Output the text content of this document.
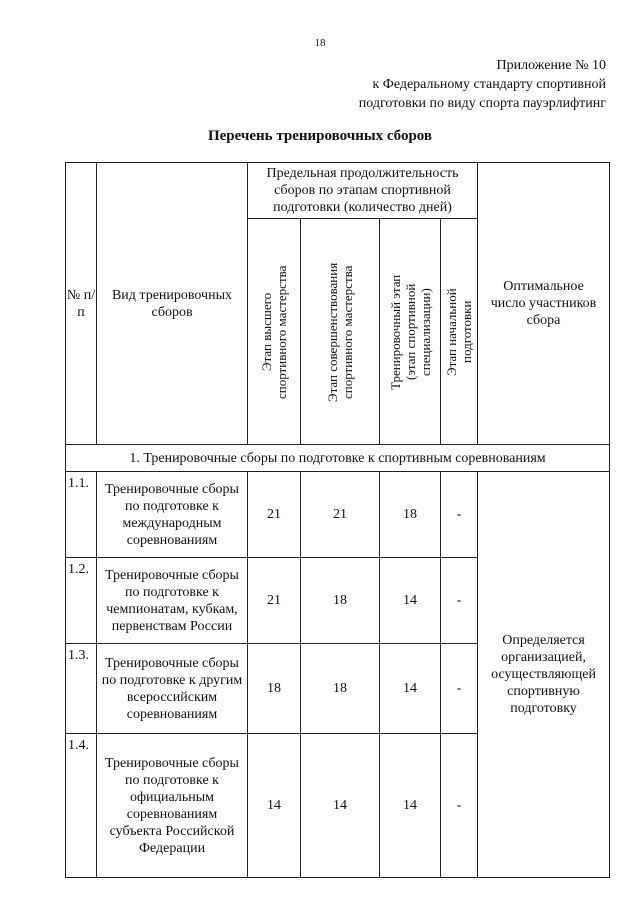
18
Приложение № 10
к Федеральному стандарту спортивной
подготовки по виду спорта пауэрлифтинг
Перечень тренировочных сборов
№ п/п	Вид тренировочных сборов	Предельная продолжительность сборов по этапам спортивной подготовки (количество дней)				Оптимальное число участников сбора

		Этап высшего спортивного мастерства	Этап совершенствования спортивного мастерства	Тренировочный этап (этап спортивной специализации)	Этап начальной подготовки	

1. Тренировочные сборы по подготовке к спортивным соревнованиям						
1.1.	Тренировочные сборы по подготовке к международным соревнованиям	21	21	18	-	Определяется организацией, осуществляющей спортивную подготовку
1.2.	Тренировочные сборы по подготовке к чемпионатам, кубкам, первенствам России	21	18	14	-	
1.3.	Тренировочные сборы по подготовке к другим всероссийским соревнованиям	18	18	14	-	
1.4.	Тренировочные сборы по подготовке к официальным соревнованиям субъекта Российской Федерации	14	14	14	-	
